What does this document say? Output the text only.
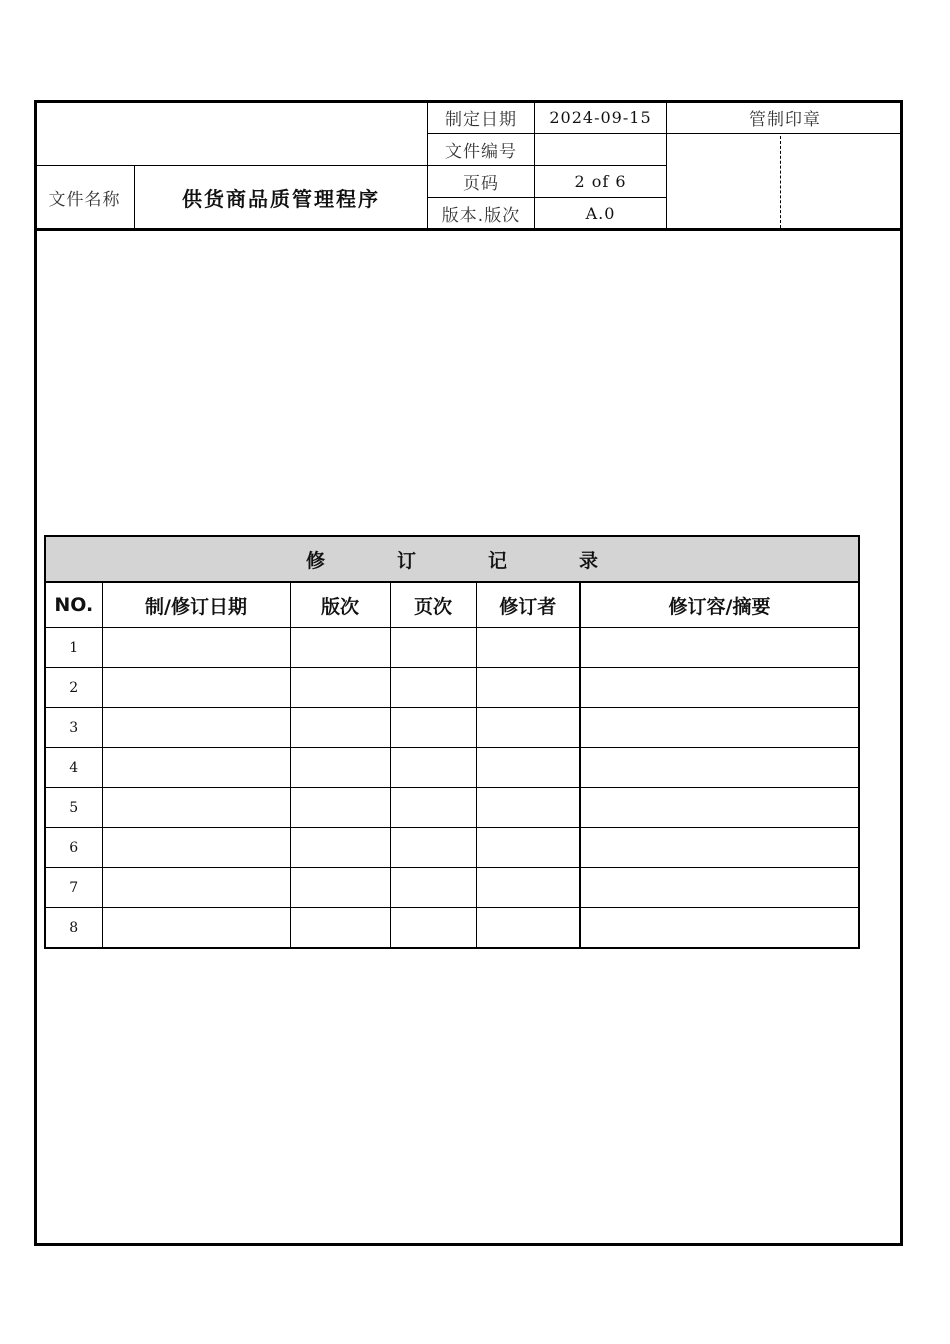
文件名称	供货商品质管理程序
制定日期	2024-09-15
文件编号
页码	2 of 6
版本.版次	A.0
管制印章
修 订 记 录					
NO.	制/修订日期	版次	页次	修订者	修订容/摘要
1					
2					
3					
4					
5					
6					
7					
8					
